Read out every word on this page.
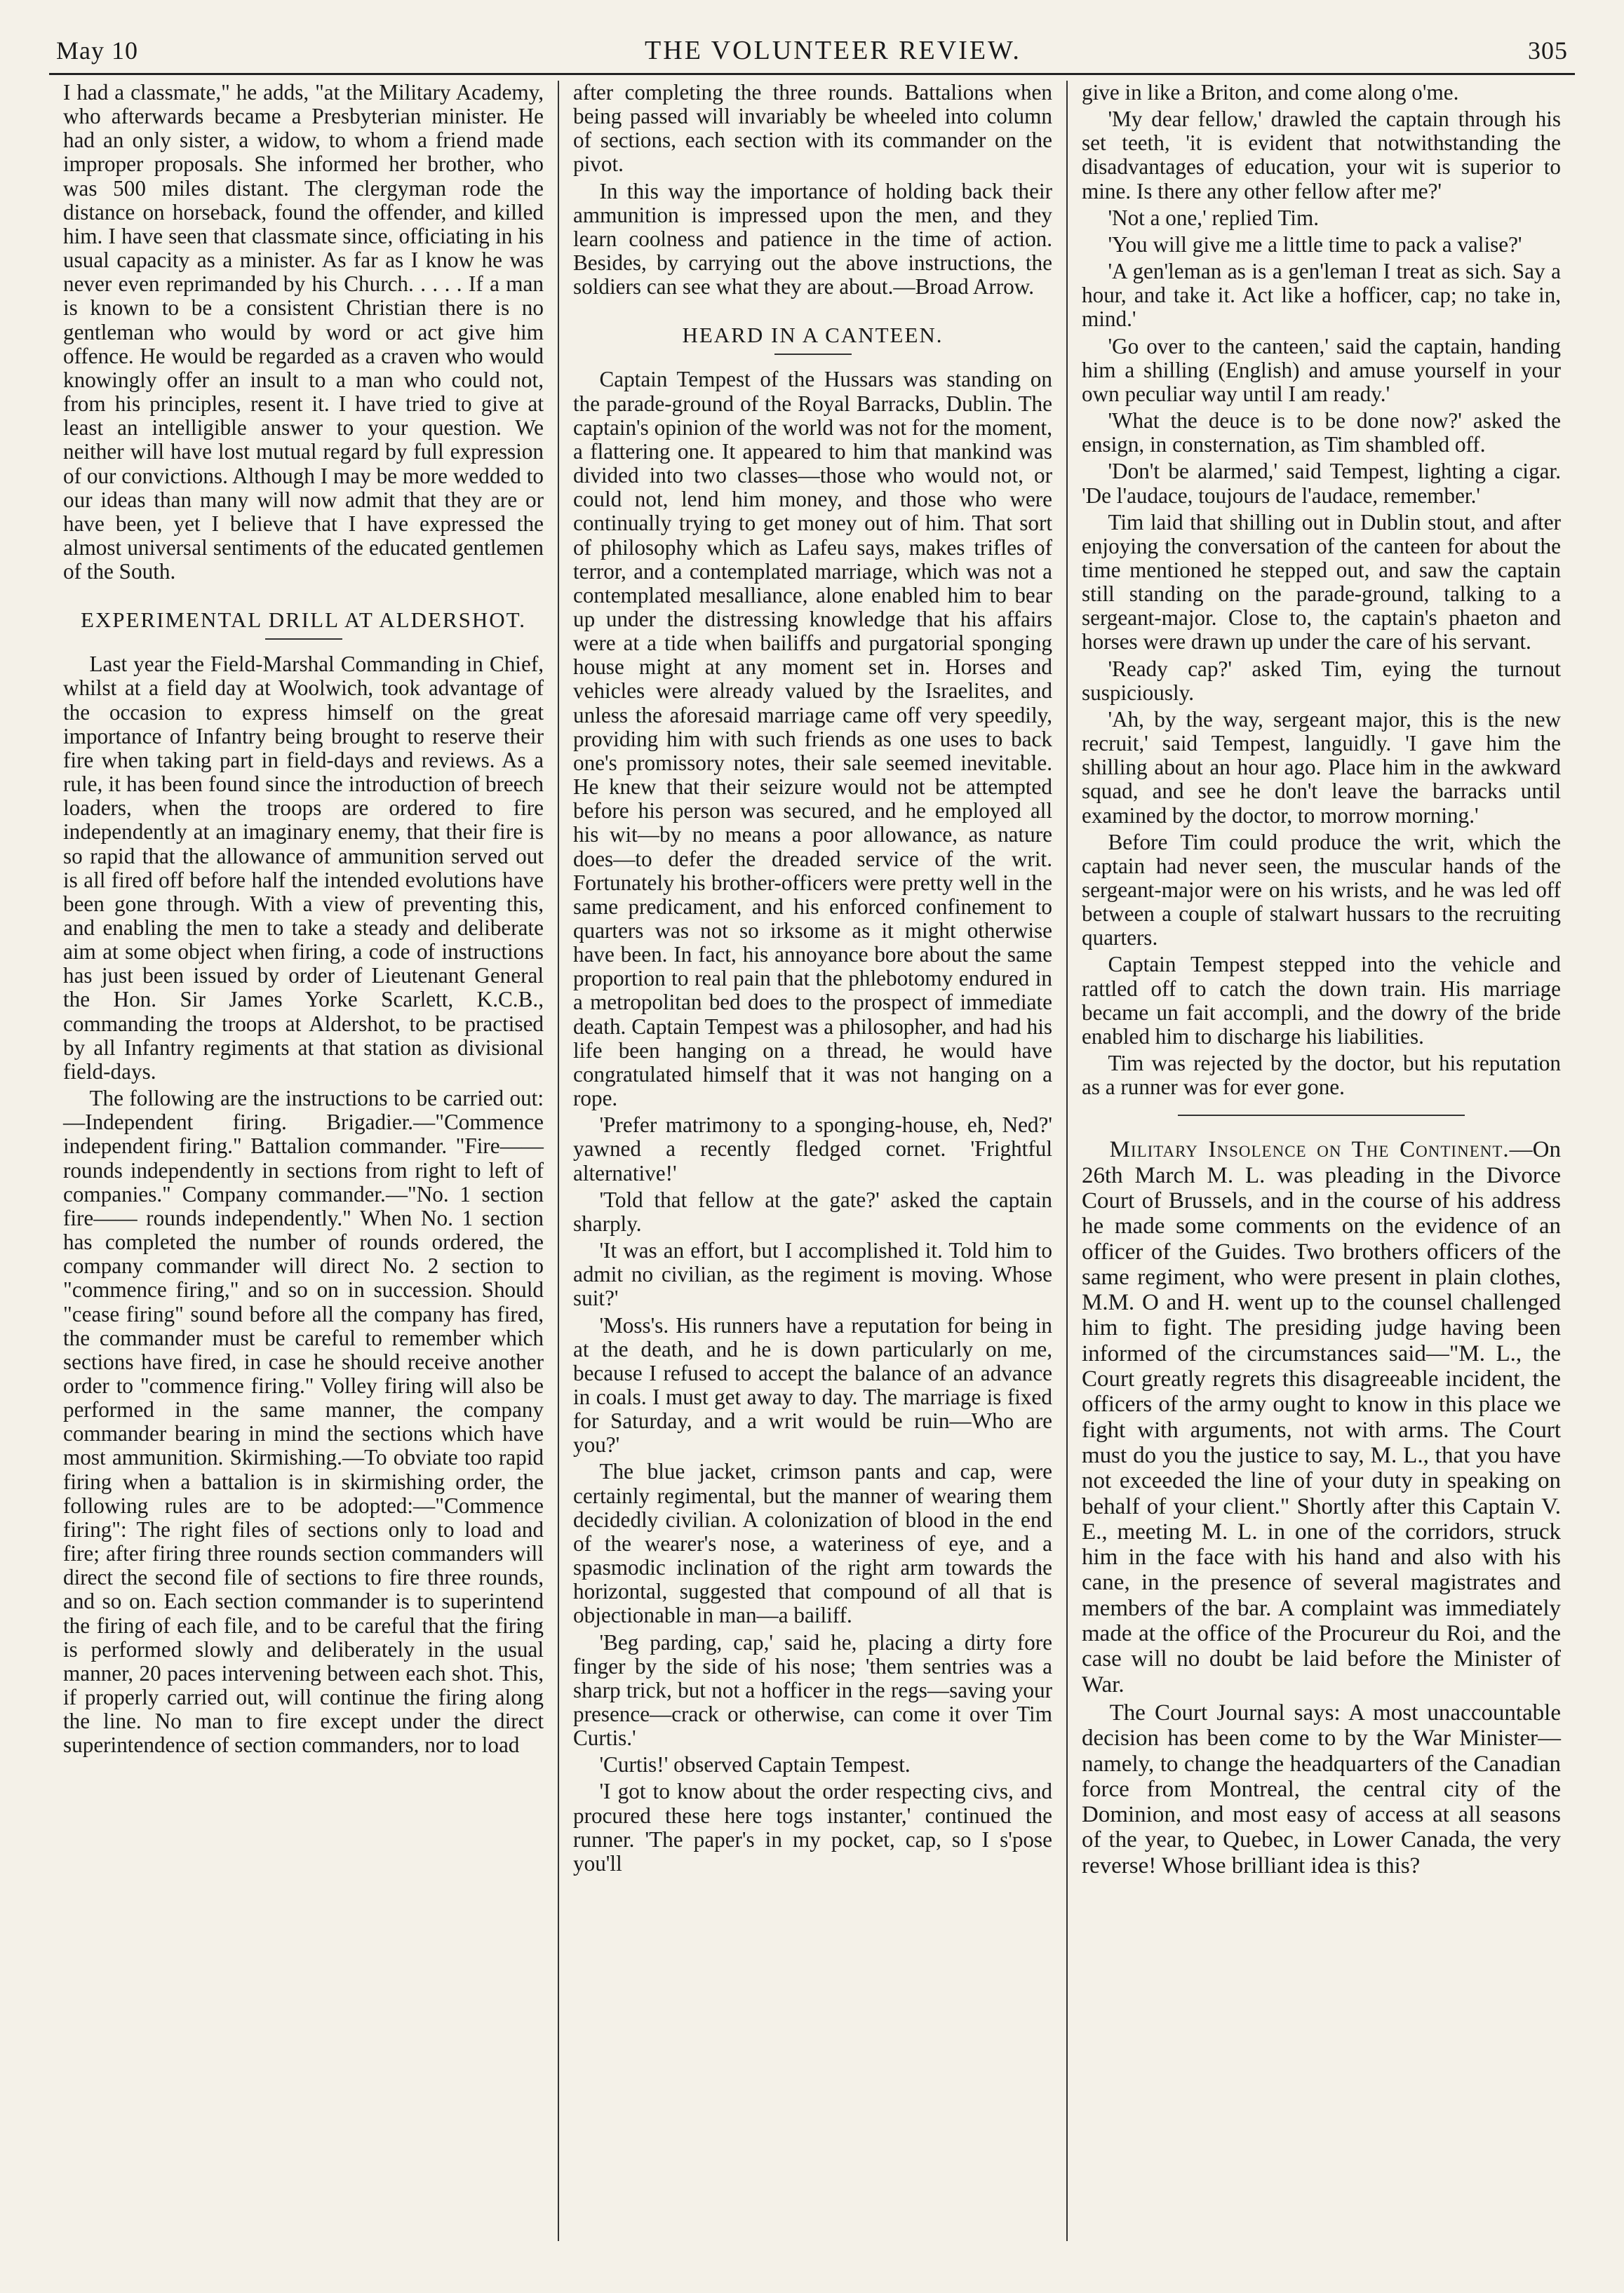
May 10	THE VOLUNTEER REVIEW.	305

I had a classmate," he adds, "at the Military Academy, who afterwards became a Presbyterian minister. He had an only sister, a widow, to whom a friend made improper proposals. She informed her brother, who was 500 miles distant. The clergyman rode the distance on horseback, found the offender, and killed him. I have seen that classmate since, officiating in his usual capacity as a minister. As far as I know he was never even reprimanded by his Church. . . . . If a man is known to be a consistent Christian there is no gentleman who would by word or act give him offence. He would be regarded as a craven who would knowingly offer an insult to a man who could not, from his principles, resent it. I have tried to give at least an intelligible answer to your question. We neither will have lost mutual regard by full expression of our convictions. Although I may be more wedded to our ideas than many will now admit that they are or have been, yet I believe that I have expressed the almost universal sentiments of the educated gentlemen of the South.

EXPERIMENTAL DRILL AT ALDERSHOT.

Last year the Field-Marshal Commanding in Chief, whilst at a field day at Woolwich, took advantage of the occasion to express himself on the great importance of Infantry being brought to reserve their fire when taking part in field-days and reviews. As a rule, it has been found since the introduction of breech loaders, when the troops are ordered to fire independently at an imaginary enemy, that their fire is so rapid that the allowance of ammunition served out is all fired off before half the intended evolutions have been gone through. With a view of preventing this, and enabling the men to take a steady and deliberate aim at some object when firing, a code of instructions has just been issued by order of Lieutenant General the Hon. Sir James Yorke Scarlett, K.C.B., commanding the troops at Aldershot, to be practised by all Infantry regiments at that station as divisional field-days.

The following are the instructions to be carried out:—Independent firing. Brigadier.—"Commence independent firing." Battalion commander. "Fire—— rounds independently in sections from right to left of companies." Company commander.—"No. 1 section fire—— rounds independently." When No. 1 section has completed the number of rounds ordered, the company commander will direct No. 2 section to "commence firing," and so on in succession. Should "cease firing" sound before all the company has fired, the commander must be careful to remember which sections have fired, in case he should receive another order to "commence firing." Volley firing will also be performed in the same manner, the company commander bearing in mind the sections which have most ammunition. Skirmishing.—To obviate too rapid firing when a battalion is in skirmishing order, the following rules are to be adopted:—"Commence firing": The right files of sections only to load and fire; after firing three rounds section commanders will direct the second file of sections to fire three rounds, and so on. Each section commander is to superintend the firing of each file, and to be careful that the firing is performed slowly and deliberately in the usual manner, 20 paces intervening between each shot. This, if properly carried out, will continue the firing along the line. No man to fire except under the direct superintendence of section commanders, nor to load

after completing the three rounds. Battalions when being passed will invariably be wheeled into column of sections, each section with its commander on the pivot.

In this way the importance of holding back their ammunition is impressed upon the men, and they learn coolness and patience in the time of action. Besides, by carrying out the above instructions, the soldiers can see what they are about.—Broad Arrow.

HEARD IN A CANTEEN.

Captain Tempest of the Hussars was standing on the parade-ground of the Royal Barracks, Dublin. The captain's opinion of the world was not for the moment, a flattering one. It appeared to him that mankind was divided into two classes—those who would not, or could not, lend him money, and those who were continually trying to get money out of him. That sort of philosophy which as Lafeu says, makes trifles of terror, and a contemplated marriage, which was not a contemplated mesalliance, alone enabled him to bear up under the distressing knowledge that his affairs were at a tide when bailiffs and purgatorial sponging house might at any moment set in. Horses and vehicles were already valued by the Israelites, and unless the aforesaid marriage came off very speedily, providing him with such friends as one uses to back one's promissory notes, their sale seemed inevitable. He knew that their seizure would not be attempted before his person was secured, and he employed all his wit—by no means a poor allowance, as nature does—to defer the dreaded service of the writ. Fortunately his brother-officers were pretty well in the same predicament, and his enforced confinement to quarters was not so irksome as it might otherwise have been. In fact, his annoyance bore about the same proportion to real pain that the phlebotomy endured in a metropolitan bed does to the prospect of immediate death. Captain Tempest was a philosopher, and had his life been hanging on a thread, he would have congratulated himself that it was not hanging on a rope.

'Prefer matrimony to a sponging-house, eh, Ned?' yawned a recently fledged cornet. 'Frightful alternative!'

'Told that fellow at the gate?' asked the captain sharply.

'It was an effort, but I accomplished it. Told him to admit no civilian, as the regiment is moving. Whose suit?'

'Moss's. His runners have a reputation for being in at the death, and he is down particularly on me, because I refused to accept the balance of an advance in coals. I must get away to day. The marriage is fixed for Saturday, and a writ would be ruin—Who are you?'

The blue jacket, crimson pants and cap, were certainly regimental, but the manner of wearing them decidedly civilian. A colonization of blood in the end of the wearer's nose, a wateriness of eye, and a spasmodic inclination of the right arm towards the horizontal, suggested that compound of all that is objectionable in man—a bailiff.

'Beg parding, cap,' said he, placing a dirty fore finger by the side of his nose; 'them sentries was a sharp trick, but not a hofficer in the regs—saving your presence—crack or otherwise, can come it over Tim Curtis.'

'Curtis!' observed Captain Tempest.

'I got to know about the order respecting civs, and procured these here togs instanter,' continued the runner. 'The paper's in my pocket, cap, so I s'pose you'll

give in like a Briton, and come along o'me.

'My dear fellow,' drawled the captain through his set teeth, 'it is evident that notwithstanding the disadvantages of education, your wit is superior to mine. Is there any other fellow after me?'

'Not a one,' replied Tim.

'You will give me a little time to pack a valise?'

'A gen'leman as is a gen'leman I treat as sich. Say a hour, and take it. Act like a hofficer, cap; no take in, mind.'

'Go over to the canteen,' said the captain, handing him a shilling (English) and amuse yourself in your own peculiar way until I am ready.'

'What the deuce is to be done now?' asked the ensign, in consternation, as Tim shambled off.

'Don't be alarmed,' said Tempest, lighting a cigar. 'De l'audace, toujours de l'audace, remember.'

Tim laid that shilling out in Dublin stout, and after enjoying the conversation of the canteen for about the time mentioned he stepped out, and saw the captain still standing on the parade-ground, talking to a sergeant-major. Close to, the captain's phaeton and horses were drawn up under the care of his servant.

'Ready cap?' asked Tim, eying the turnout suspiciously.

'Ah, by the way, sergeant major, this is the new recruit,' said Tempest, languidly. 'I gave him the shilling about an hour ago. Place him in the awkward squad, and see he don't leave the barracks until examined by the doctor, to morrow morning.'

Before Tim could produce the writ, which the captain had never seen, the muscular hands of the sergeant-major were on his wrists, and he was led off between a couple of stalwart hussars to the recruiting quarters.

Captain Tempest stepped into the vehicle and rattled off to catch the down train. His marriage became un fait accompli, and the dowry of the bride enabled him to discharge his liabilities.

Tim was rejected by the doctor, but his reputation as a runner was for ever gone.

Military Insolence on The Continent.—On 26th March M. L. was pleading in the Divorce Court of Brussels, and in the course of his address he made some comments on the evidence of an officer of the Guides. Two brothers officers of the same regiment, who were present in plain clothes, M.M. O and H. went up to the counsel challenged him to fight. The presiding judge having been informed of the circumstances said—"M. L., the Court greatly regrets this disagreeable incident, the officers of the army ought to know in this place we fight with arguments, not with arms. The Court must do you the justice to say, M. L., that you have not exceeded the line of your duty in speaking on behalf of your client." Shortly after this Captain V. E., meeting M. L. in one of the corridors, struck him in the face with his hand and also with his cane, in the presence of several magistrates and members of the bar. A complaint was immediately made at the office of the Procureur du Roi, and the case will no doubt be laid before the Minister of War.

The Court Journal says: A most unaccountable decision has been come to by the War Minister—namely, to change the headquarters of the Canadian force from Montreal, the central city of the Dominion, and most easy of access at all seasons of the year, to Quebec, in Lower Canada, the very reverse! Whose brilliant idea is this?
